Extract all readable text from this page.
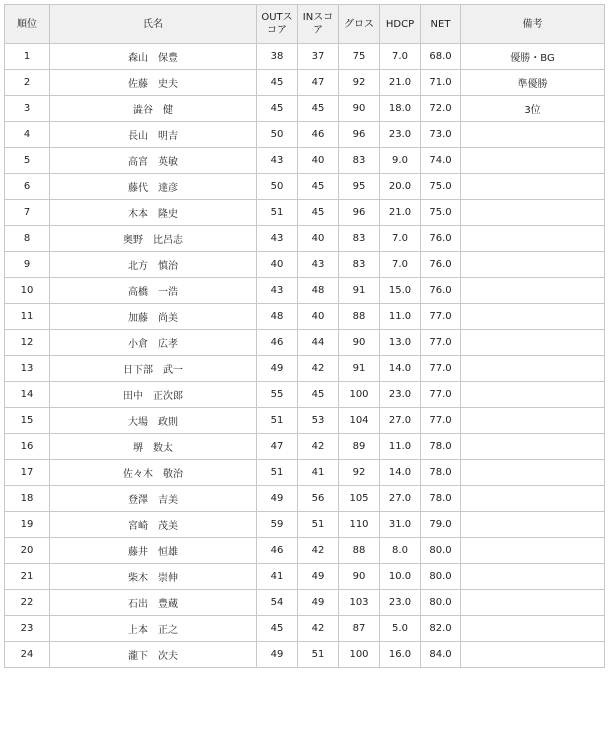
順位	氏名	OUTスコア	INスコア	グロス	HDCP	NET	備考
1	森山　保豊	38	37	75	7.0	68.0	優勝・BG
2	佐藤　史夫	45	47	92	21.0	71.0	準優勝
3	澁谷　健	45	45	90	18.0	72.0	3位
4	長山　明吉	50	46	96	23.0	73.0	
5	高宮　英敏	43	40	83	9.0	74.0	
6	藤代　達彦	50	45	95	20.0	75.0	
7	木本　隆史	51	45	96	21.0	75.0	
8	奥野　比呂志	43	40	83	7.0	76.0	
9	北方　慎治	40	43	83	7.0	76.0	
10	高橋　一浩	43	48	91	15.0	76.0	
11	加藤　尚美	48	40	88	11.0	77.0	
12	小倉　広孝	46	44	90	13.0	77.0	
13	日下部　武一	49	42	91	14.0	77.0	
14	田中　正次郎	55	45	100	23.0	77.0	
15	大場　政則	51	53	104	27.0	77.0	
16	堺　数太	47	42	89	11.0	78.0	
17	佐々木　敬治	51	41	92	14.0	78.0	
18	登澤　吉美	49	56	105	27.0	78.0	
19	宮崎　茂美	59	51	110	31.0	79.0	
20	藤井　恒雄	46	42	88	8.0	80.0	
21	柴木　崇伸	41	49	90	10.0	80.0	
22	石出　豊蔵	54	49	103	23.0	80.0	
23	上本　正之	45	42	87	5.0	82.0	
24	瀧下　次夫	49	51	100	16.0	84.0	
